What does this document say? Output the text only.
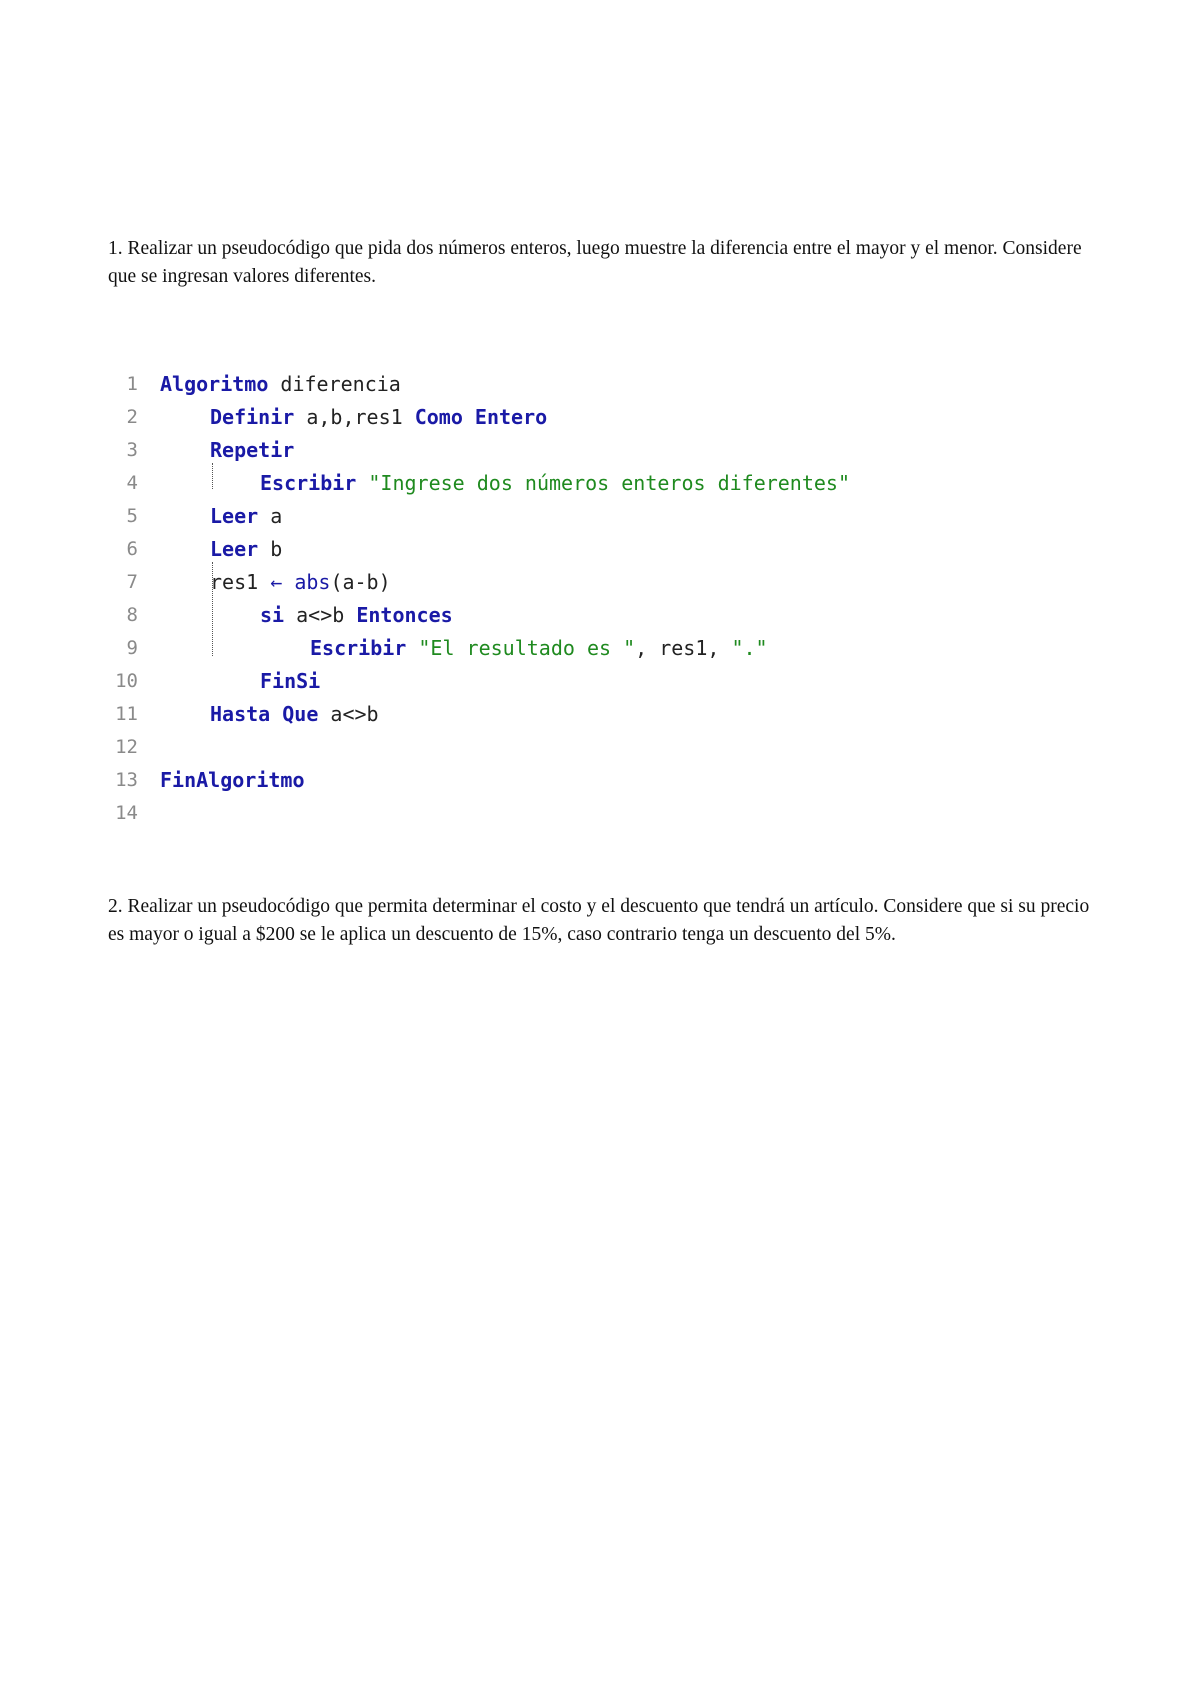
1. Realizar un pseudocódigo que pida dos números enteros, luego muestre la diferencia entre el mayor y el menor. Considere que se ingresan valores diferentes.

1 Algoritmo diferencia
2	Definir a,b,res1 Como Entero
3	Repetir
4	Escribir "Ingrese dos números enteros diferentes"
5	Leer a
6	Leer b
7	res1 ← abs(a-b)
8	si a<>b Entonces
9	Escribir "El resultado es ", res1, "."
10	FinSi
11	Hasta Que a<>b
12
13 FinAlgoritmo
14

2. Realizar un pseudocódigo que permita determinar el costo y el descuento que tendrá un artículo. Considere que si su precio es mayor o igual a $200 se le aplica un descuento de 15%, caso contrario tenga un descuento del 5%.
